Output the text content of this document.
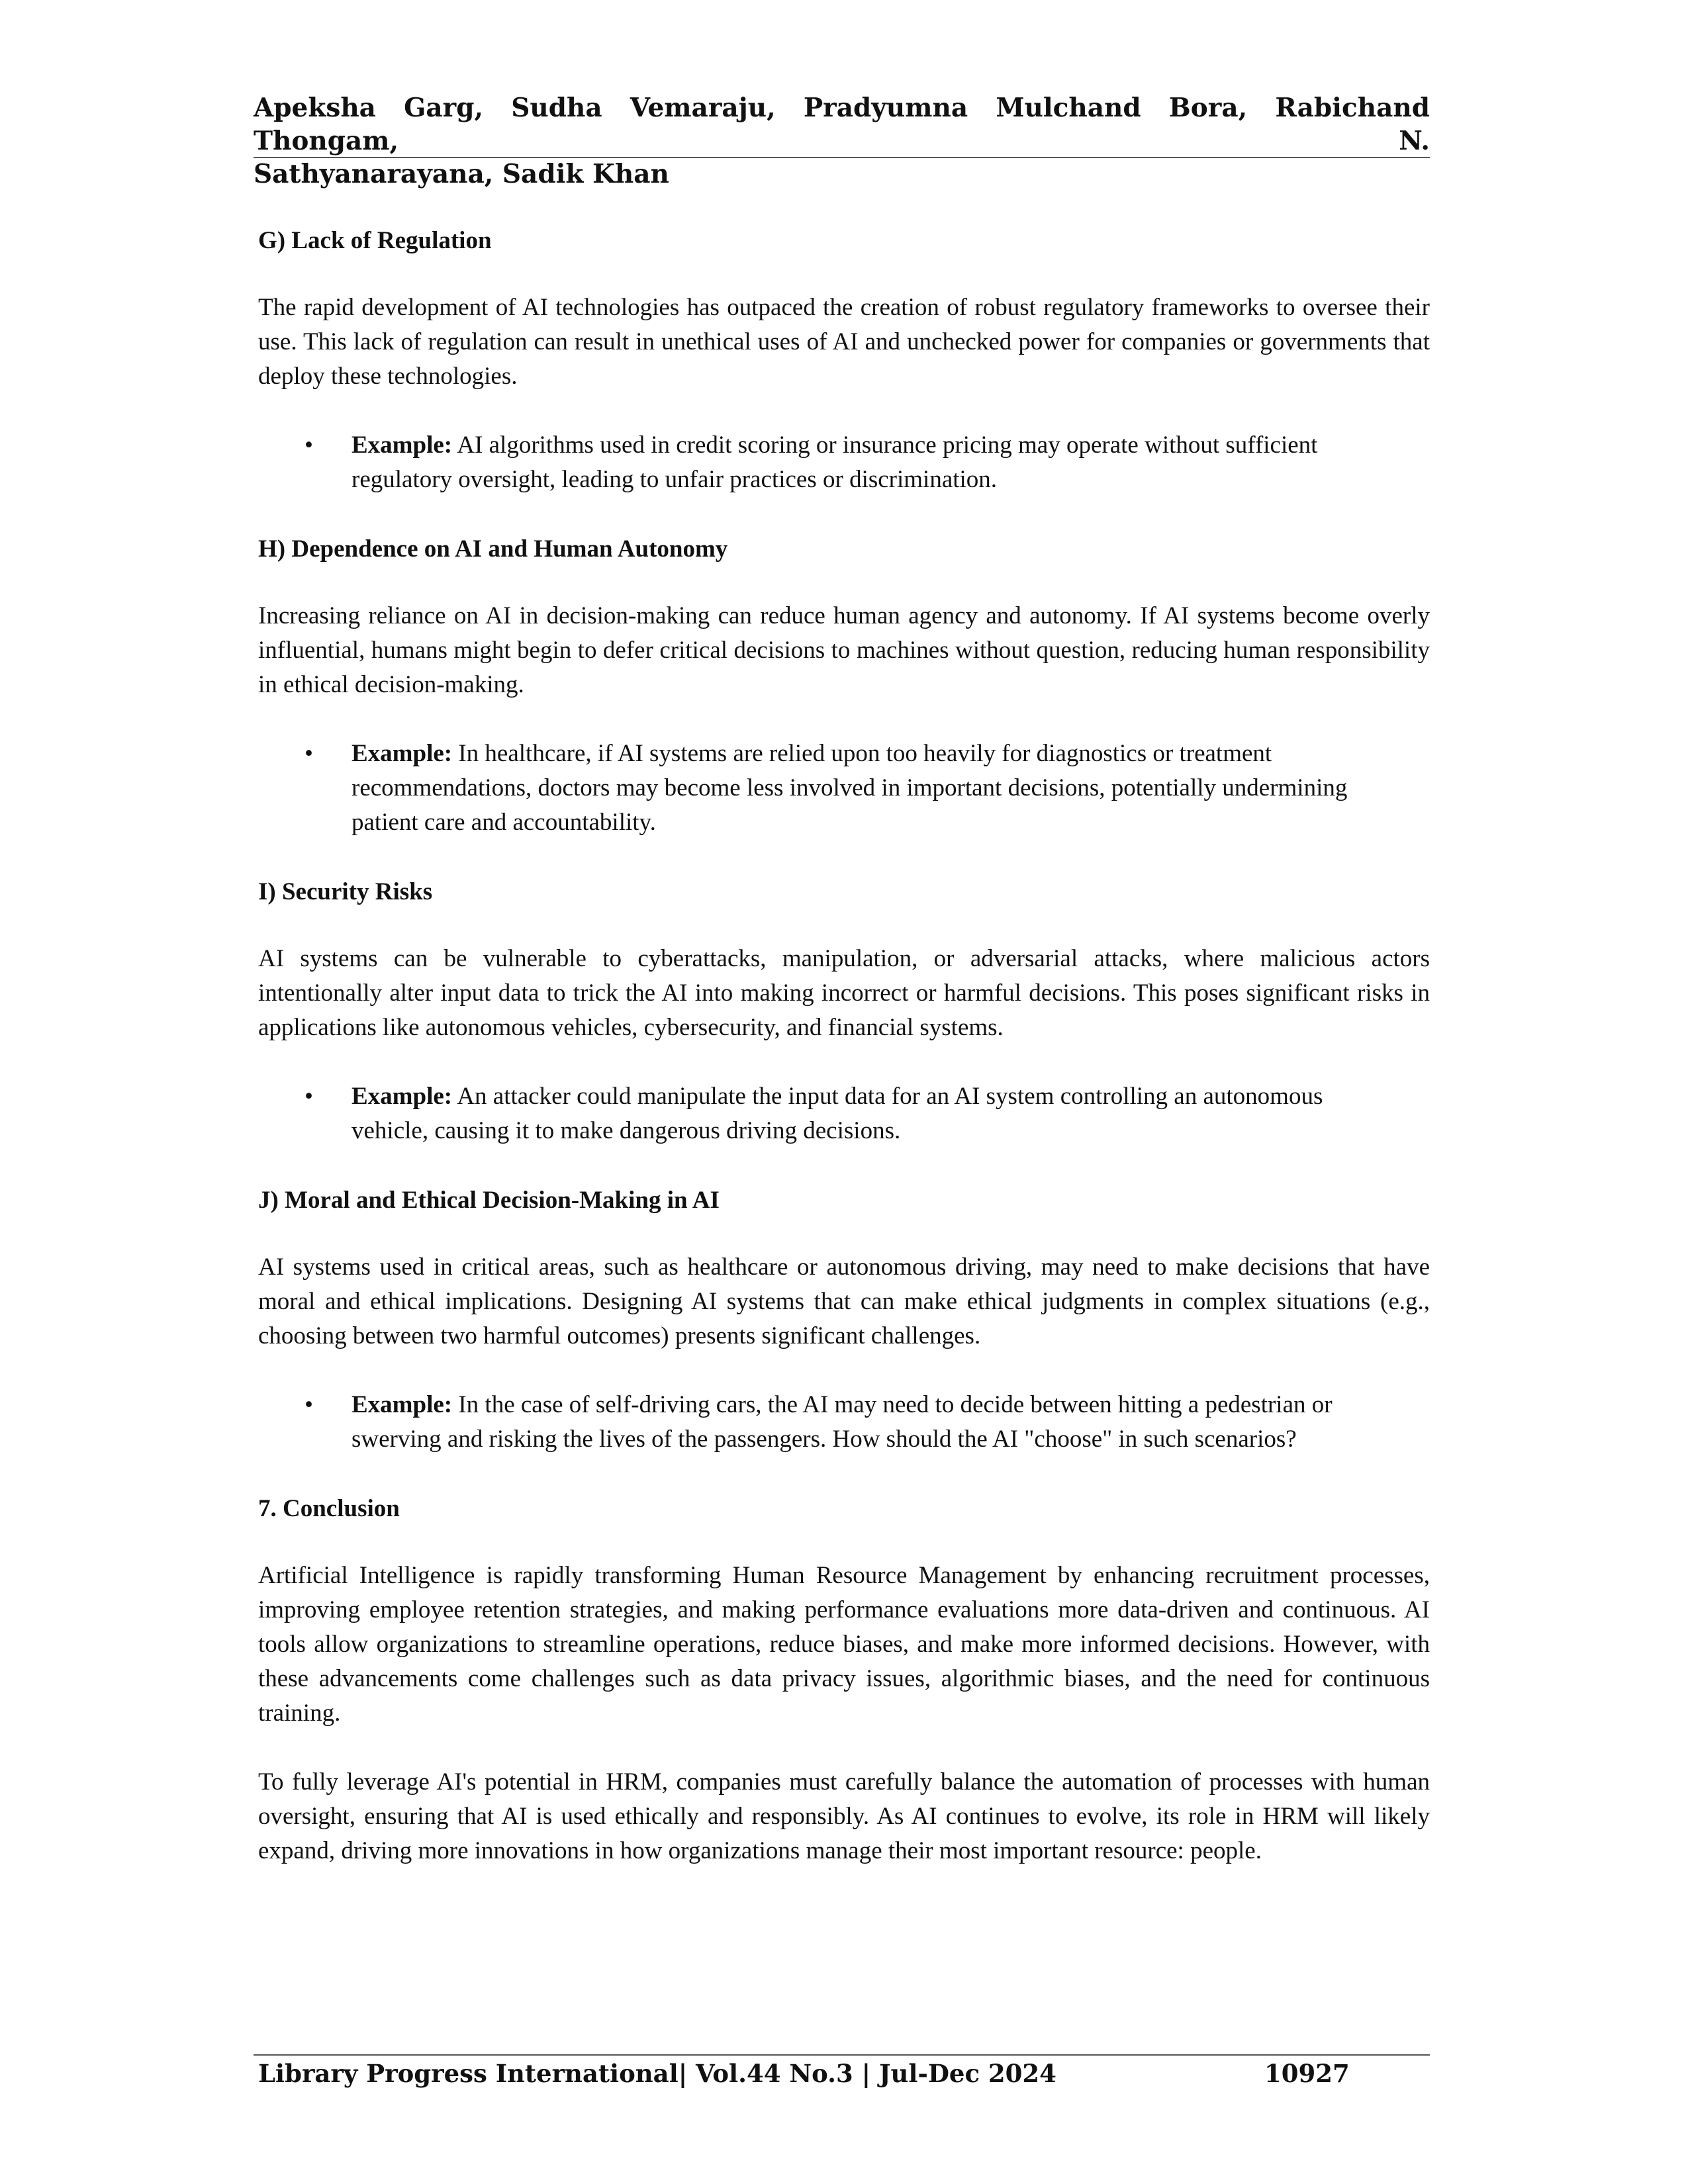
Apeksha Garg, Sudha Vemaraju, Pradyumna Mulchand Bora, Rabichand Thongam, N.
Sathyanarayana, Sadik Khan
G) Lack of Regulation
The rapid development of AI technologies has outpaced the creation of robust regulatory frameworks to oversee their use. This lack of regulation can result in unethical uses of AI and unchecked power for companies or governments that deploy these technologies.
• Example: AI algorithms used in credit scoring or insurance pricing may operate without sufficient regulatory oversight, leading to unfair practices or discrimination.
H) Dependence on AI and Human Autonomy
Increasing reliance on AI in decision-making can reduce human agency and autonomy. If AI systems become overly influential, humans might begin to defer critical decisions to machines without question, reducing human responsibility in ethical decision-making.
• Example: In healthcare, if AI systems are relied upon too heavily for diagnostics or treatment recommendations, doctors may become less involved in important decisions, potentially undermining patient care and accountability.
I) Security Risks
AI systems can be vulnerable to cyberattacks, manipulation, or adversarial attacks, where malicious actors intentionally alter input data to trick the AI into making incorrect or harmful decisions. This poses significant risks in applications like autonomous vehicles, cybersecurity, and financial systems.
• Example: An attacker could manipulate the input data for an AI system controlling an autonomous vehicle, causing it to make dangerous driving decisions.
J) Moral and Ethical Decision-Making in AI
AI systems used in critical areas, such as healthcare or autonomous driving, may need to make decisions that have moral and ethical implications. Designing AI systems that can make ethical judgments in complex situations (e.g., choosing between two harmful outcomes) presents significant challenges.
• Example: In the case of self-driving cars, the AI may need to decide between hitting a pedestrian or swerving and risking the lives of the passengers. How should the AI "choose" in such scenarios?
7. Conclusion
Artificial Intelligence is rapidly transforming Human Resource Management by enhancing recruitment processes, improving employee retention strategies, and making performance evaluations more data-driven and continuous. AI tools allow organizations to streamline operations, reduce biases, and make more informed decisions. However, with these advancements come challenges such as data privacy issues, algorithmic biases, and the need for continuous training.
To fully leverage AI's potential in HRM, companies must carefully balance the automation of processes with human oversight, ensuring that AI is used ethically and responsibly. As AI continues to evolve, its role in HRM will likely expand, driving more innovations in how organizations manage their most important resource: people.
Library Progress International| Vol.44 No.3 | Jul-Dec 2024	10927
